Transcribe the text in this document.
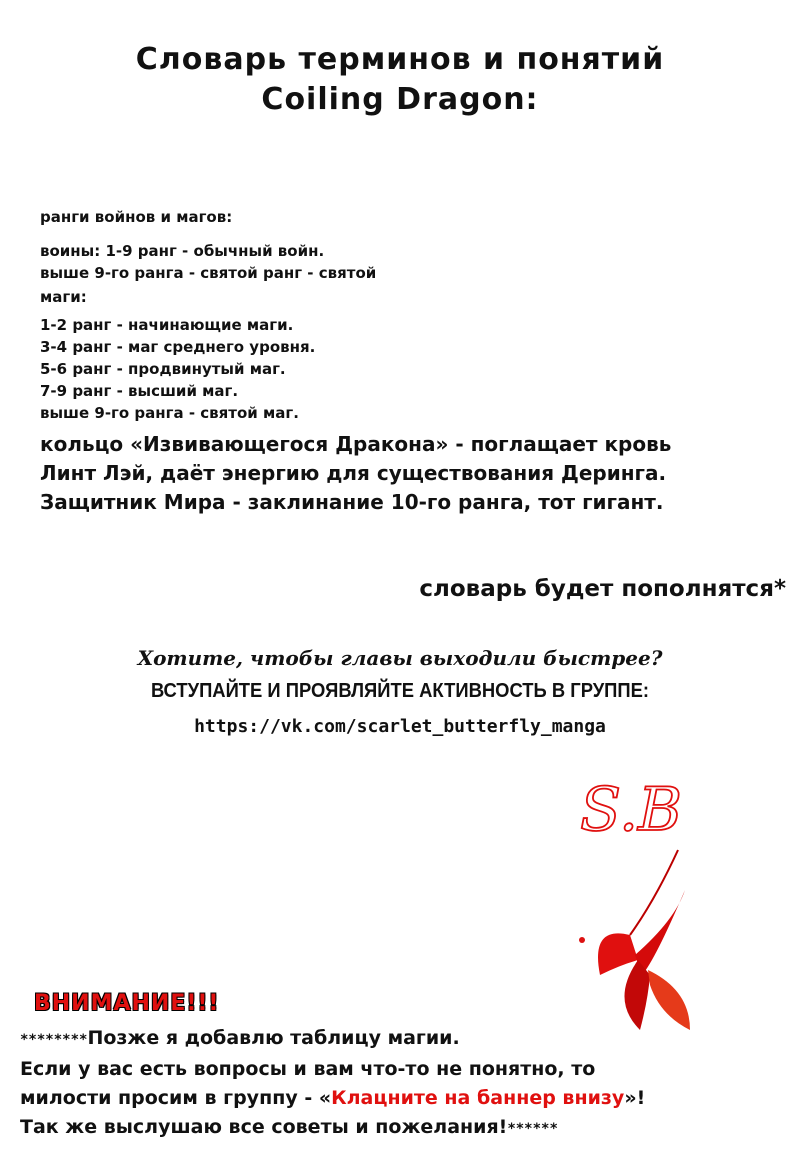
Словарь терминов и понятий
Coiling Dragon:
ранги войнов и магов:
воины: 1-9 ранг - обычный войн.
выше 9-го ранга - святой ранг - святой
маги:
1-2 ранг - начинающие маги.
3-4 ранг - маг среднего уровня.
5-6 ранг - продвинутый маг.
7-9 ранг - высший маг.
выше 9-го ранга - святой маг.
кольцо «Извивающегося Дракона» - поглащает кровь
Линт Лэй, даёт энергию для существования Деринга.
Защитник Мира - заклинание 10-го ранга, тот гигант.
словарь будет пополнятся*
Хотите, чтобы главы выходили быстрее?
ВСТУПАЙТЕ И ПРОЯВЛЯЙТЕ АКТИВНОСТЬ В ГРУППЕ:
https://vk.com/scarlet_butterfly_manga
S.B
ВНИМАНИЕ!!!
********Позже я добавлю таблицу магии.
Если у вас есть вопросы и вам что-то не понятно, то
милости просим в группу - «Клацните на баннер внизу»!
Так же выслушаю все советы и пожелания!******
